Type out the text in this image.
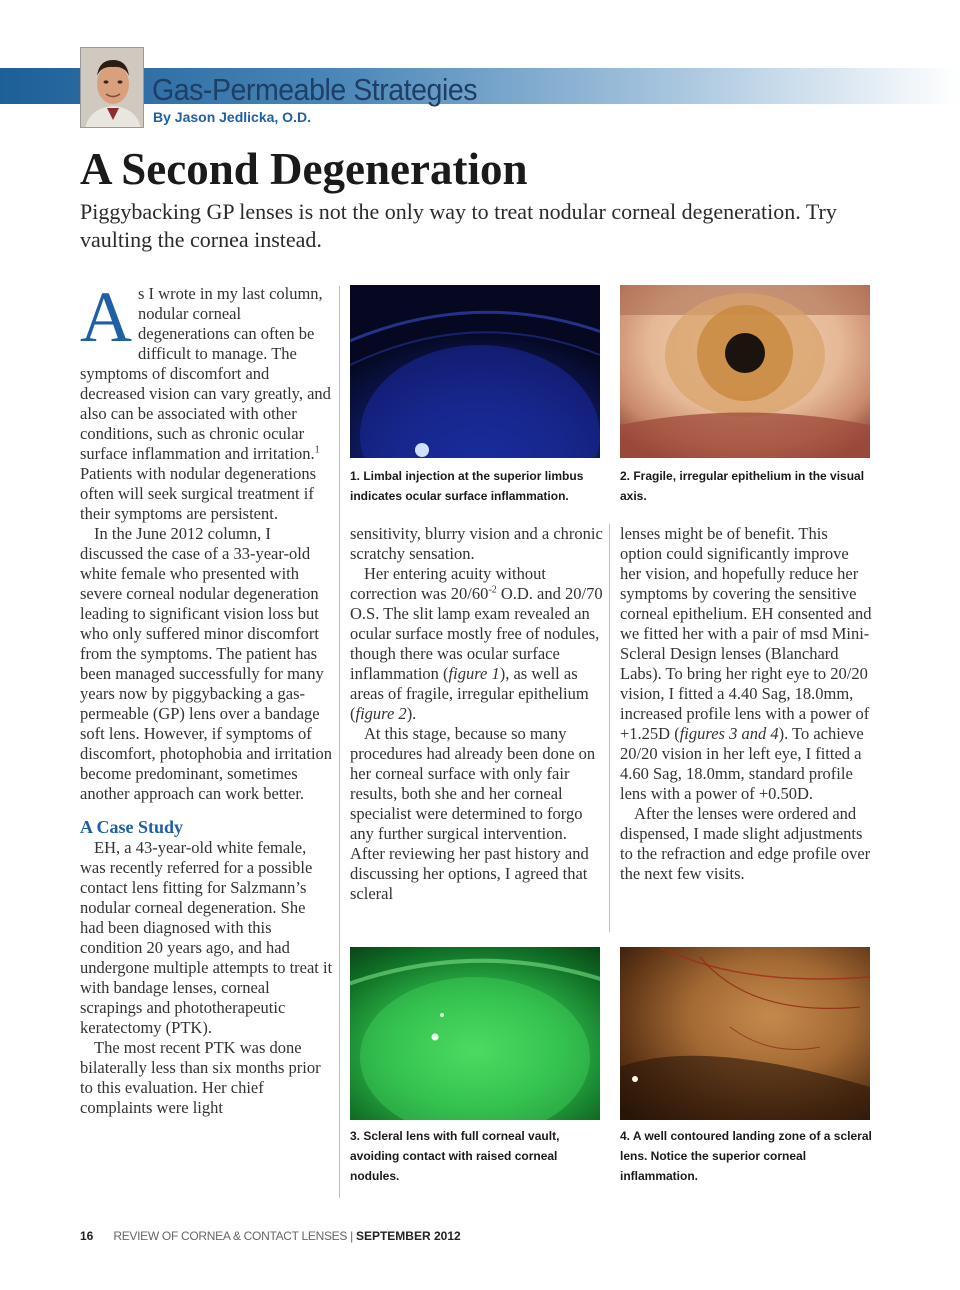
Gas-Permeable Strategies
By Jason Jedlicka, O.D.
A Second Degeneration
Piggybacking GP lenses is not the only way to treat nodular corneal degeneration. Try vaulting the cornea instead.

As I wrote in my last column, nodular corneal degenerations can often be difficult to manage. The symptoms of discomfort and decreased vision can vary greatly, and also can be associated with other conditions, such as chronic ocular surface inflammation and irritation.$^1$ Patients with nodular degenerations often will seek surgical treatment if their symptoms are persistent.

In the June 2012 column, I discussed the case of a 33-year-old white female who presented with severe corneal nodular degeneration leading to significant vision loss but who only suffered minor discomfort from the symptoms. The patient has been managed successfully for many years now by piggybacking a gas-permeable (GP) lens over a bandage soft lens. However, if symptoms of discomfort, photophobia and irritation become predominant, sometimes another approach can work better.

A Case Study

EH, a 43-year-old white female, was recently referred for a possible contact lens fitting for Salzmann’s nodular corneal degeneration. She had been diagnosed with this condition 20 years ago, and had undergone multiple attempts to treat it with bandage lenses, corneal scrapings and phototherapeutic keratectomy (PTK).

The most recent PTK was done bilaterally less than six months prior to this evaluation. Her chief complaints were light

1. Limbal injection at the superior limbus indicates ocular surface inflammation.
2. Fragile, irregular epithelium in the visual axis.

sensitivity, blurry vision and a chronic scratchy sensation.

Her entering acuity without correction was $20/60^{-2}$ O.D. and 20/70 O.S. The slit lamp exam revealed an ocular surface mostly free of nodules, though there was ocular surface inflammation (figure 1), as well as areas of fragile, irregular epithelium (figure 2).

At this stage, because so many procedures had already been done on her corneal surface with only fair results, both she and her corneal specialist were determined to forgo any further surgical intervention. After reviewing her past history and discussing her options, I agreed that scleral

lenses might be of benefit. This option could significantly improve her vision, and hopefully reduce her symptoms by covering the sensitive corneal epithelium. EH consented and we fitted her with a pair of msd Mini-Scleral Design lenses (Blanchard Labs). To bring her right eye to 20/20 vision, I fitted a 4.40 Sag, 18.0mm, increased profile lens with a power of +1.25D (figures 3 and 4). To achieve 20/20 vision in her left eye, I fitted a 4.60 Sag, 18.0mm, standard profile lens with a power of +0.50D.

After the lenses were ordered and dispensed, I made slight adjustments to the refraction and edge profile over the next few visits.

3. Scleral lens with full corneal vault, avoiding contact with raised corneal nodules.
4. A well contoured landing zone of a scleral lens. Notice the superior corneal inflammation.
16 REVIEW OF CORNEA & CONTACT LENSES | SEPTEMBER 2012
